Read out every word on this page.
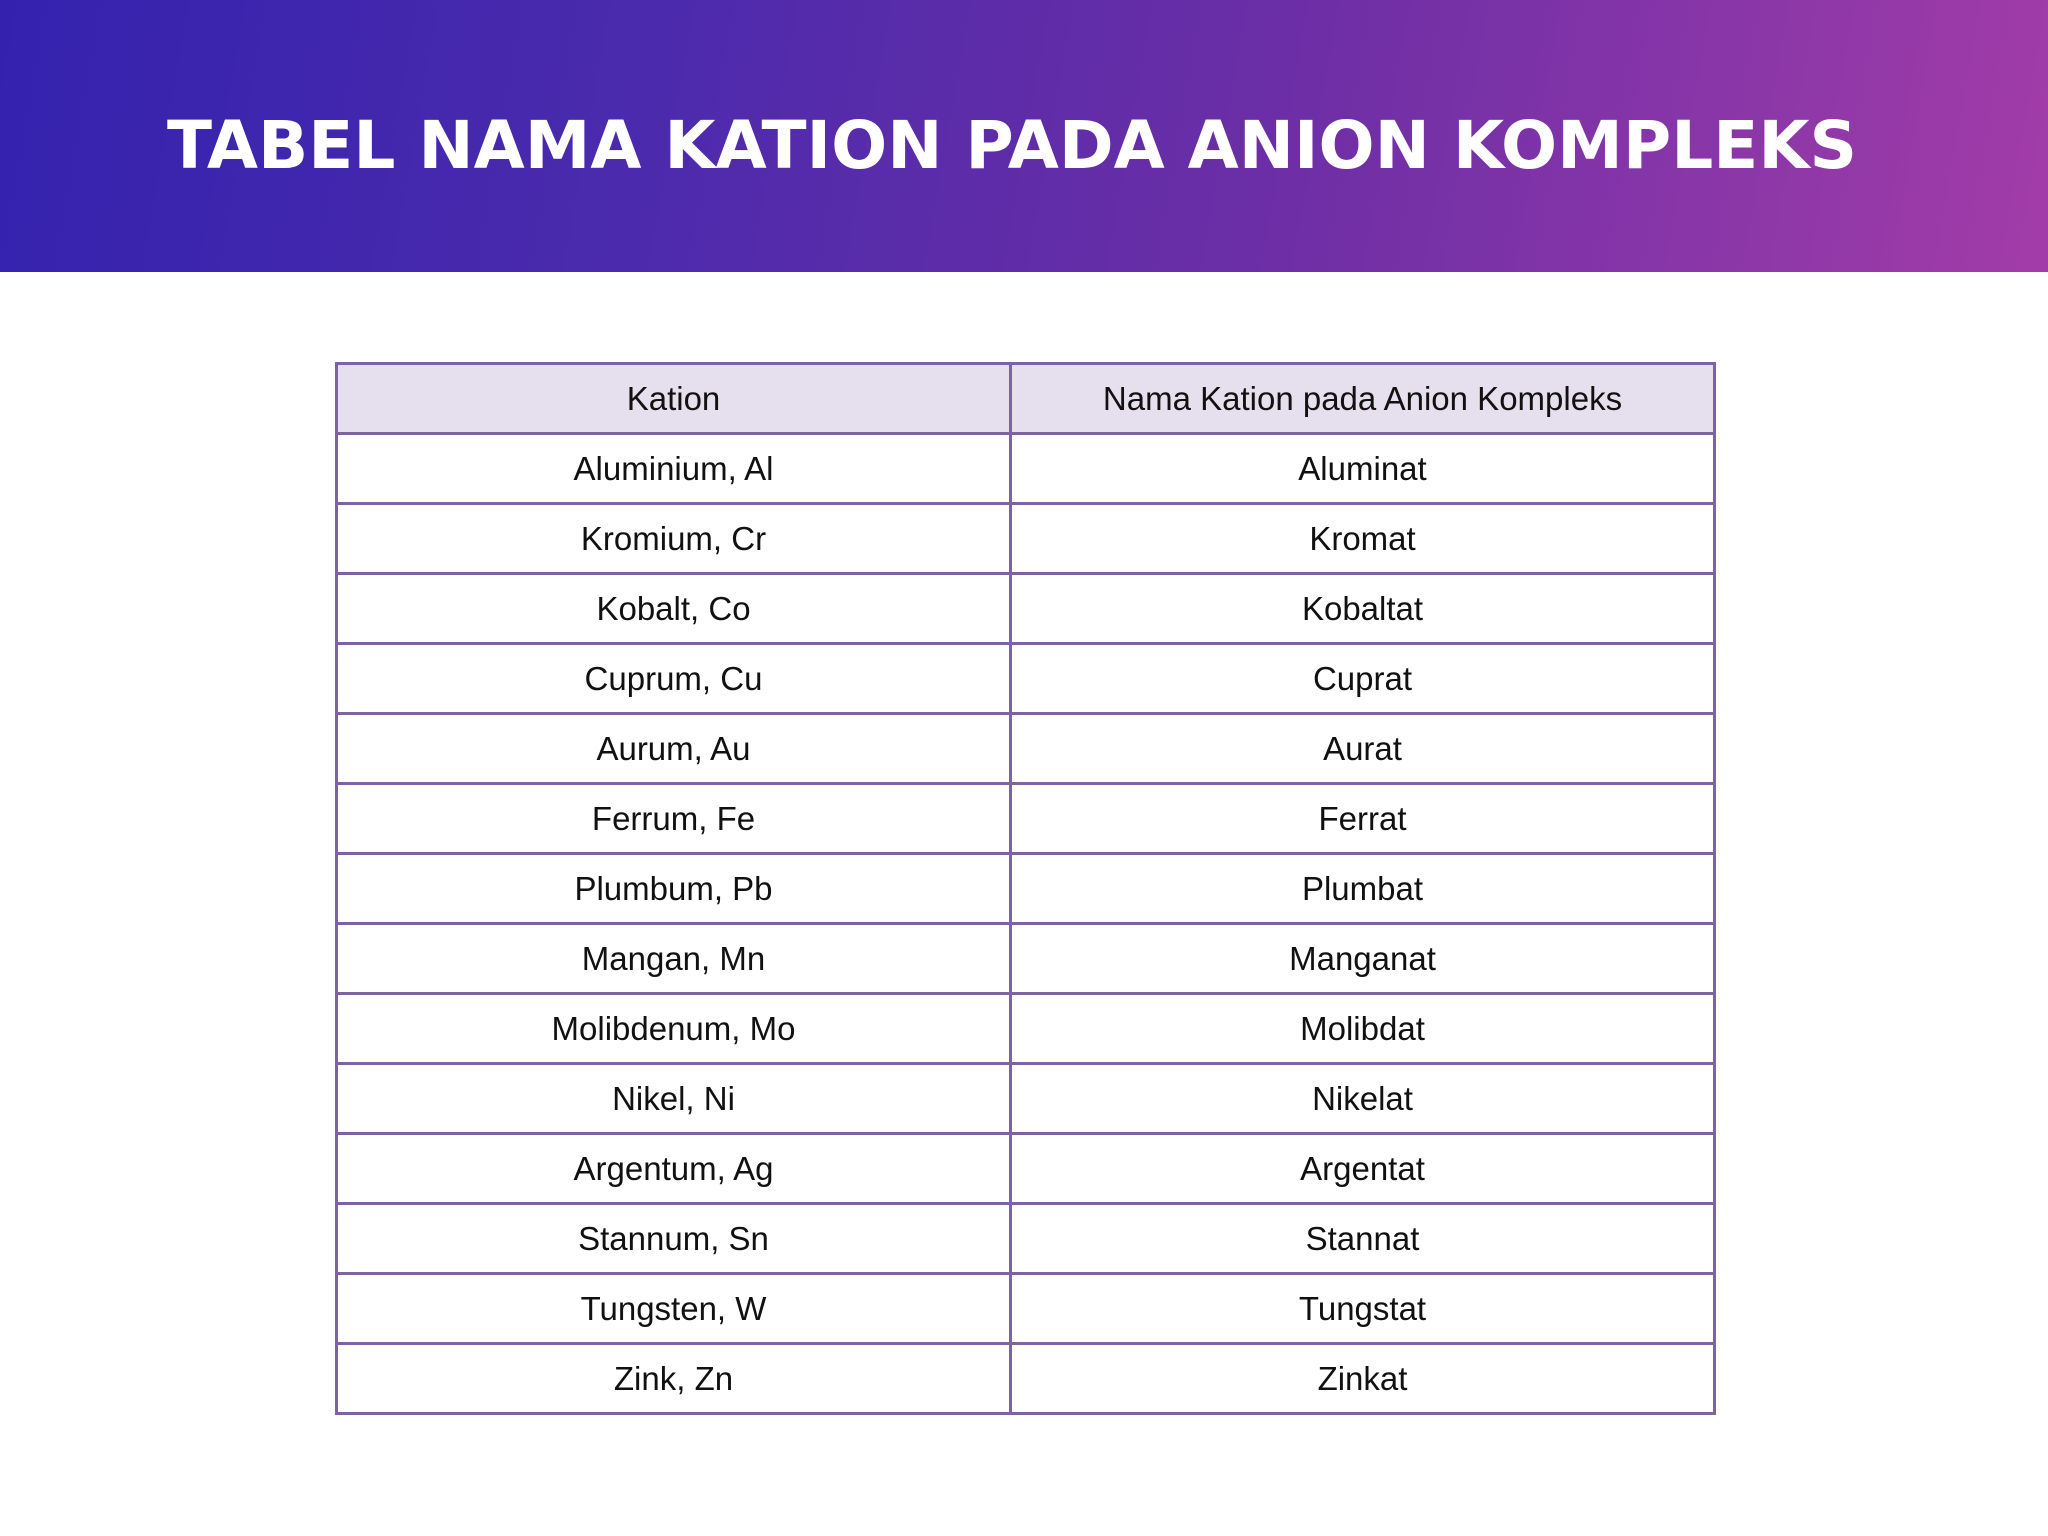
TABEL NAMA KATION PADA ANION KOMPLEKS
Kation	Nama Kation pada Anion Kompleks
Aluminium, Al	Aluminat
Kromium, Cr	Kromat
Kobalt, Co	Kobaltat
Cuprum, Cu	Cuprat
Aurum, Au	Aurat
Ferrum, Fe	Ferrat
Plumbum, Pb	Plumbat
Mangan, Mn	Manganat
Molibdenum, Mo	Molibdat
Nikel, Ni	Nikelat
Argentum, Ag	Argentat
Stannum, Sn	Stannat
Tungsten, W	Tungstat
Zink, Zn	Zinkat
